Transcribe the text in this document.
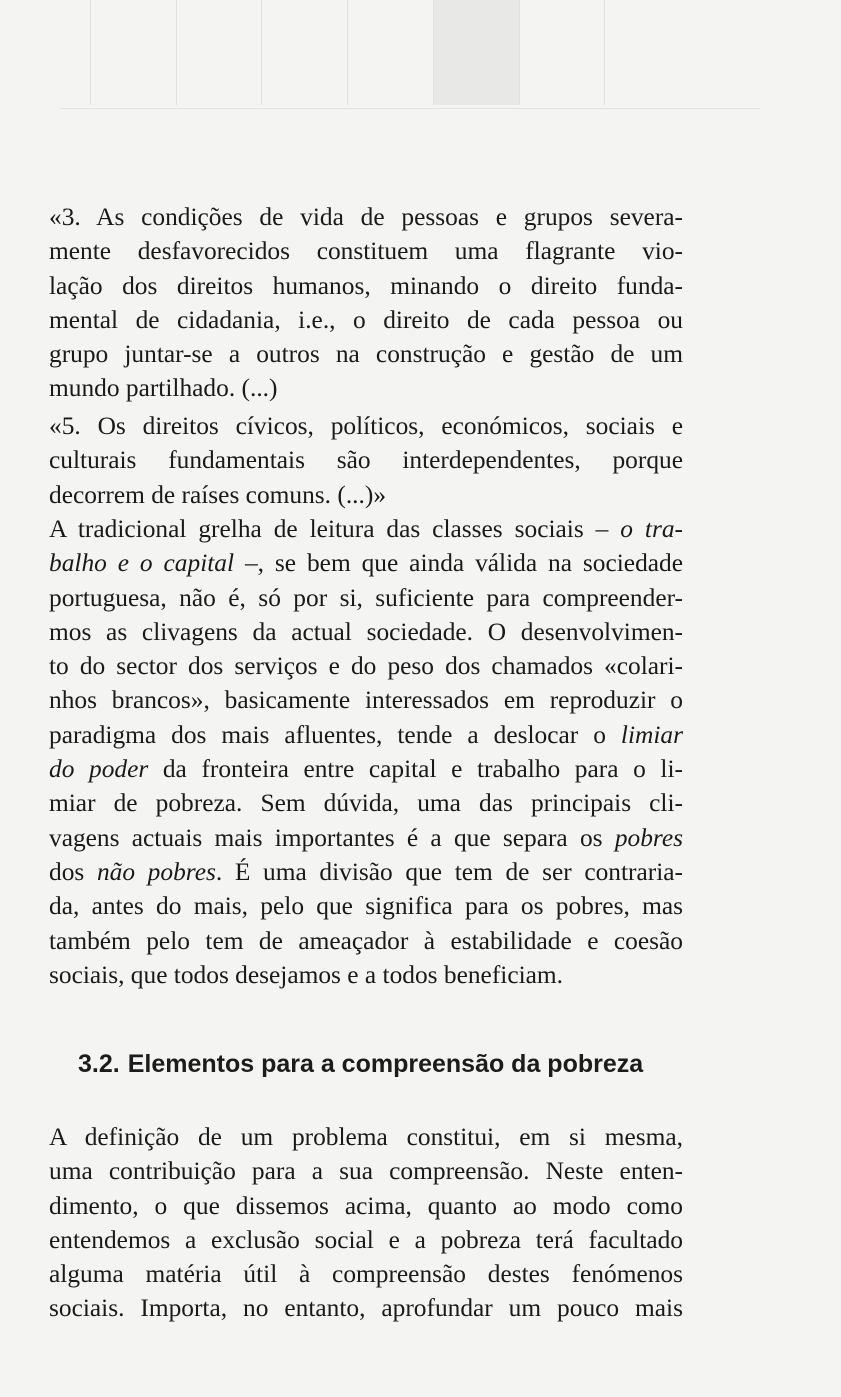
«3. As condições de vida de pessoas e grupos severa-
mente desfavorecidos constituem uma flagrante vio-
lação dos direitos humanos, minando o direito funda-
mental de cidadania, i.e., o direito de cada pessoa ou
grupo juntar-se a outros na construção e gestão de um
mundo partilhado. (...)

«5. Os direitos cívicos, políticos, económicos, sociais e
culturais fundamentais são interdependentes, porque
decorrem de raíses comuns. (...)»

A tradicional grelha de leitura das classes sociais – o tra-
balho e o capital –, se bem que ainda válida na sociedade
portuguesa, não é, só por si, suficiente para compreender-
mos as clivagens da actual sociedade. O desenvolvimen-
to do sector dos serviços e do peso dos chamados «colari-
nhos brancos», basicamente interessados em reproduzir o
paradigma dos mais afluentes, tende a deslocar o limiar
do poder da fronteira entre capital e trabalho para o li-
miar de pobreza. Sem dúvida, uma das principais cli-
vagens actuais mais importantes é a que separa os pobres
dos não pobres. É uma divisão que tem de ser contraria-
da, antes do mais, pelo que significa para os pobres, mas
também pelo tem de ameaçador à estabilidade e coesão
sociais, que todos desejamos e a todos beneficiam.

3.2. Elementos para a compreensão da pobreza

A definição de um problema constitui, em si mesma,
uma contribuição para a sua compreensão. Neste enten-
dimento, o que dissemos acima, quanto ao modo como
entendemos a exclusão social e a pobreza terá facultado
alguma matéria útil à compreensão destes fenómenos
sociais. Importa, no entanto, aprofundar um pouco mais
